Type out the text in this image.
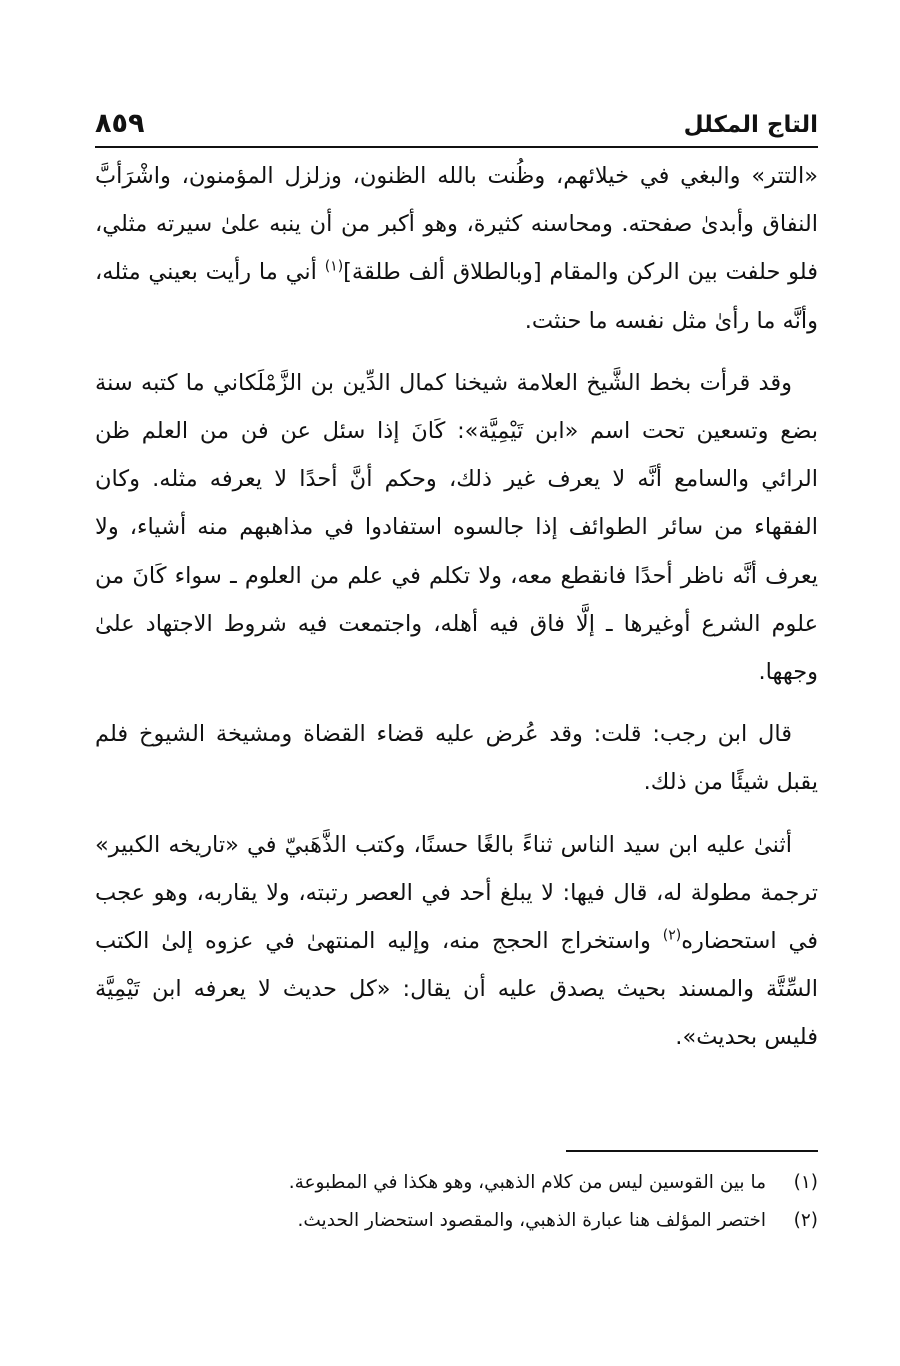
التاج المكلل
٨٥٩

«التتر» والبغي في خيلائهم، وظُنت بالله الظنون، وزلزل المؤمنون، واشْرَأبَّ النفاق وأبدىٰ صفحته. ومحاسنه كثيرة، وهو أكبر من أن ينبه علىٰ سيرته مثلي، فلو حلفت بين الركن والمقام [وبالطلاق ألف طلقة]$^{(١)}$ أني ما رأيت بعيني مثله، وأنَّه ما رأىٰ مثل نفسه ما حنثت.

وقد قرأت بخط الشَّيخ العلامة شيخنا كمال الدِّين بن الزَّمْلَكاني ما كتبه سنة بضع وتسعين تحت اسم «ابن تَيْمِيَّة»: كَانَ إذا سئل عن فن من العلم ظن الرائي والسامع أنَّه لا يعرف غير ذلك، وحكم أنَّ أحدًا لا يعرفه مثله. وكان الفقهاء من سائر الطوائف إذا جالسوه استفادوا في مذاهبهم منه أشياء، ولا يعرف أنَّه ناظر أحدًا فانقطع معه، ولا تكلم في علم من العلوم ـ سواء كَانَ من علوم الشرع أوغيرها ـ إلَّا فاق فيه أهله، واجتمعت فيه شروط الاجتهاد علىٰ وجهها.

قال ابن رجب: قلت: وقد عُرض عليه قضاء القضاة ومشيخة الشيوخ فلم يقبل شيئًا من ذلك.

أثنىٰ عليه ابن سيد الناس ثناءً بالغًا حسنًا، وكتب الذَّهَبيّ في «تاريخه الكبير» ترجمة مطولة له، قال فيها: لا يبلغ أحد في العصر رتبته، ولا يقاربه، وهو عجب في استحضاره$^{(٢)}$ واستخراج الحجج منه، وإليه المنتهىٰ في عزوه إلىٰ الكتب السِّتَّة والمسند بحيث يصدق عليه أن يقال: «كل حديث لا يعرفه ابن تَيْمِيَّة فليس بحديث».

(١)ما بين القوسين ليس من كلام الذهبي، وهو هكذا في المطبوعة.
(٢)اختصر المؤلف هنا عبارة الذهبي، والمقصود استحضار الحديث.
